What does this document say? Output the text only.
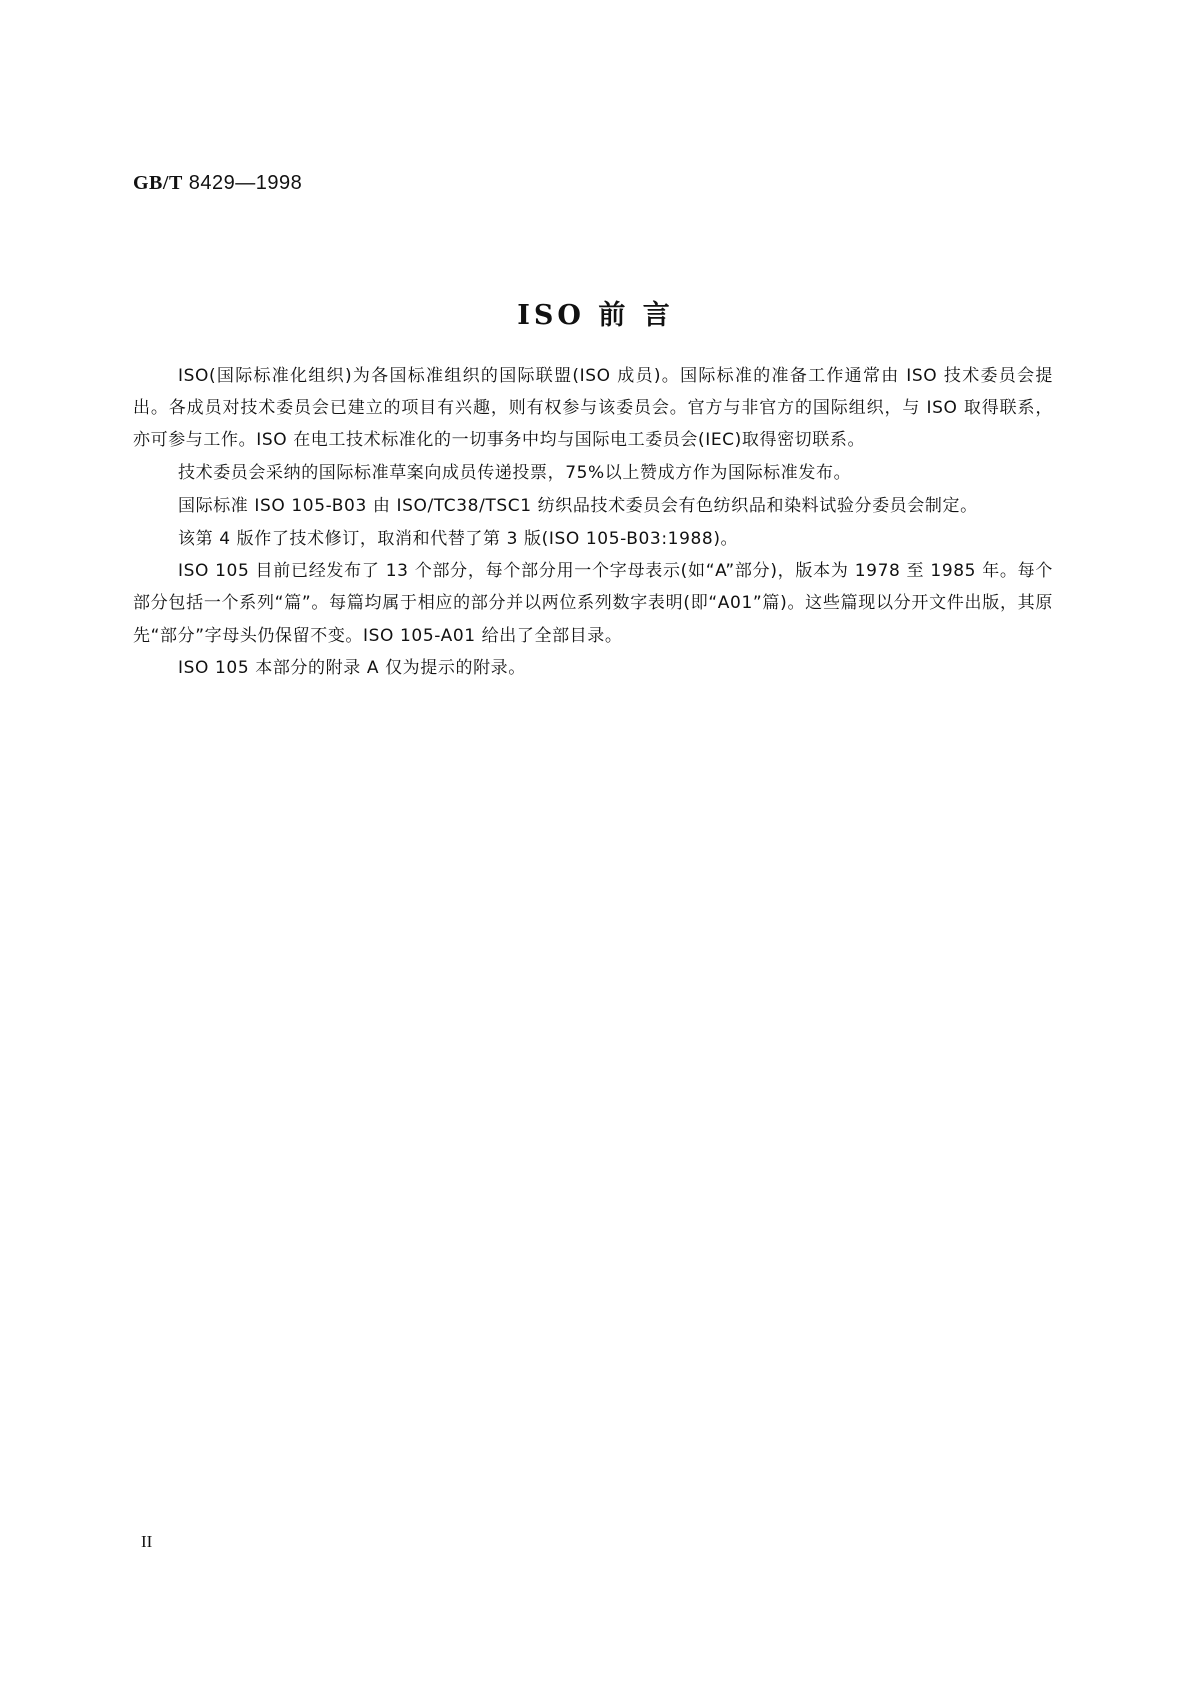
GB/T 8429—1998
ISO 前 言

ISO(国际标准化组织)为各国标准组织的国际联盟(ISO 成员)。国际标准的准备工作通常由 ISO 技术委员会提出。各成员对技术委员会已建立的项目有兴趣，则有权参与该委员会。官方与非官方的国际组织，与 ISO 取得联系，亦可参与工作。ISO 在电工技术标准化的一切事务中均与国际电工委员会(IEC)取得密切联系。

技术委员会采纳的国际标准草案向成员传递投票，75%以上赞成方作为国际标准发布。

国际标准 ISO 105-B03 由 ISO/TC38/TSC1 纺织品技术委员会有色纺织品和染料试验分委员会制定。

该第 4 版作了技术修订，取消和代替了第 3 版(ISO 105-B03:1988)。

ISO 105 目前已经发布了 13 个部分，每个部分用一个字母表示(如“A”部分)，版本为 1978 至 1985 年。每个部分包括一个系列“篇”。每篇均属于相应的部分并以两位系列数字表明(即“A01”篇)。这些篇现以分开文件出版，其原先“部分”字母头仍保留不变。ISO 105-A01 给出了全部目录。

ISO 105 本部分的附录 A 仅为提示的附录。

II
